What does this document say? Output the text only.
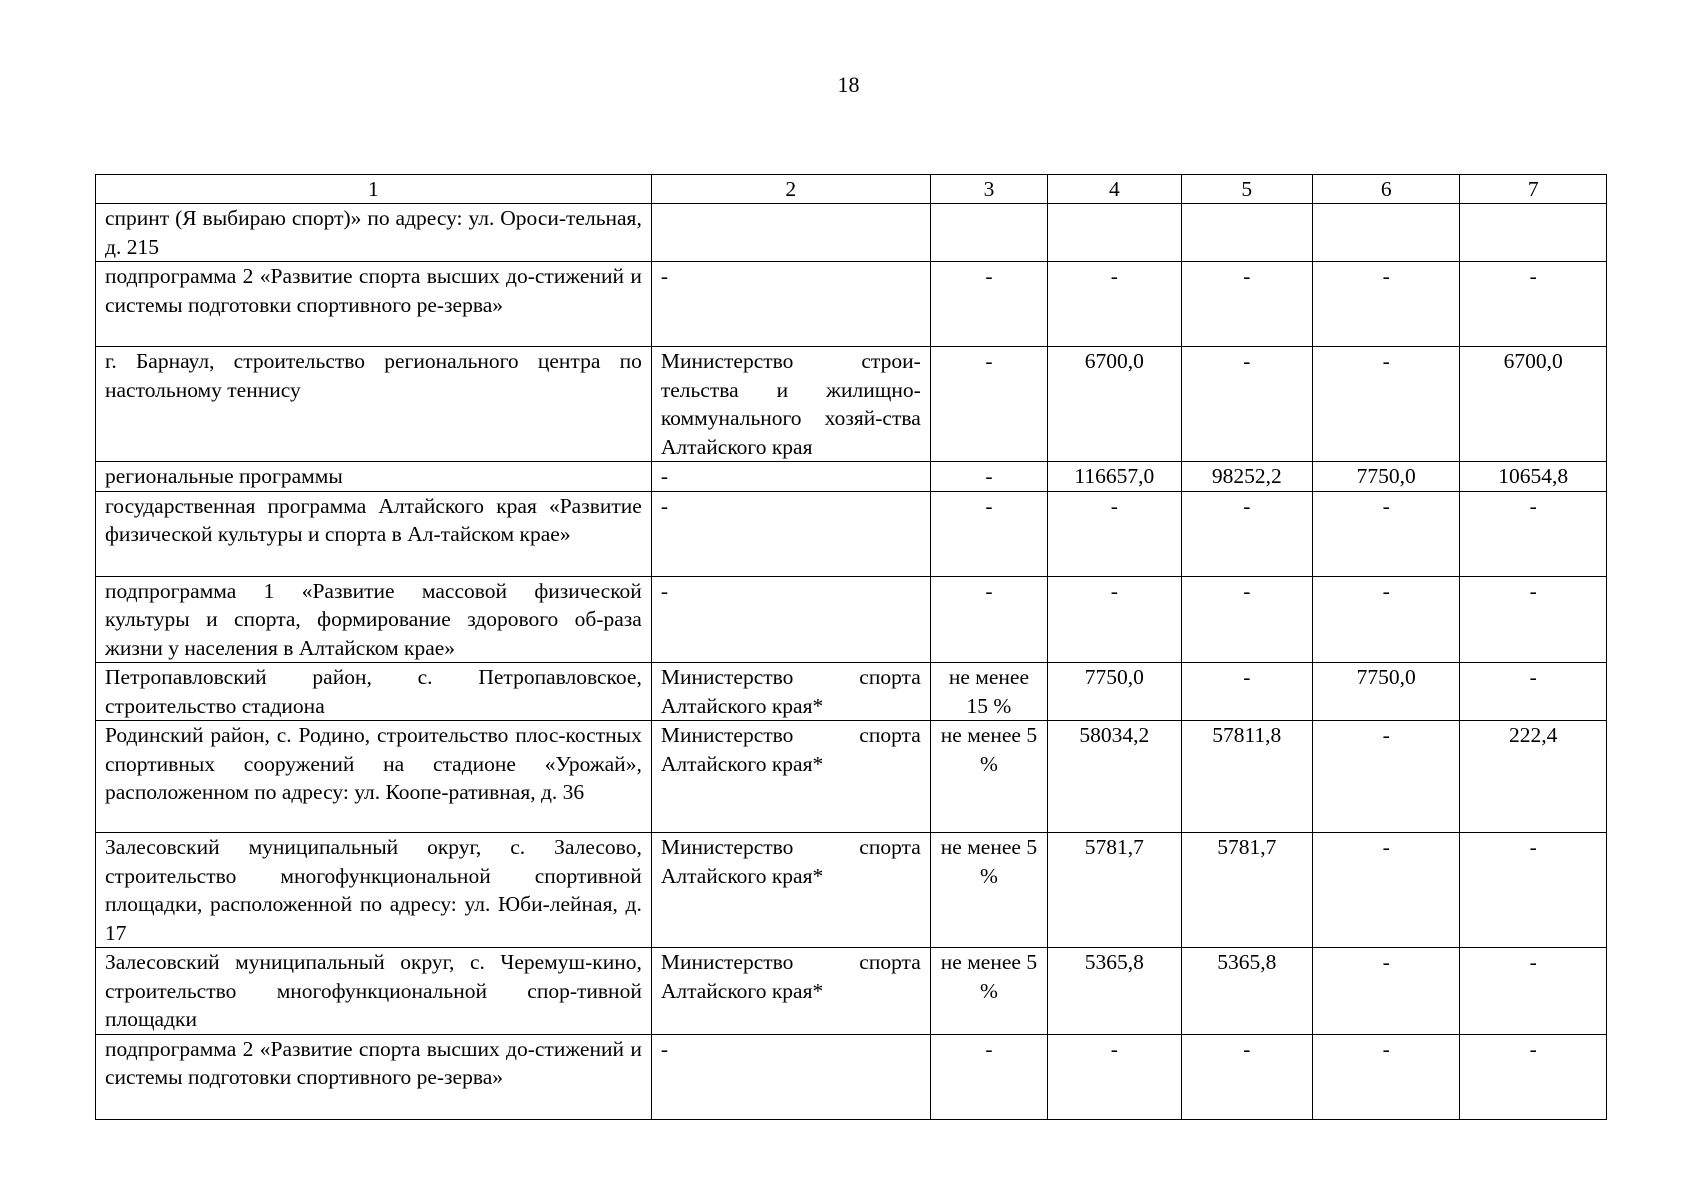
18
1	2	3	4	5	6	7
спринт (Я выбираю спорт)» по адресу: ул. Ороси-тельная, д. 215						
подпрограмма 2 «Развитие спорта высших до-стижений и системы подготовки спортивного ре-зерва»	-	-	-	-	-	-
г. Барнаул, строительство регионального центра по настольному теннису	Министерство строи-тельства и жилищно-коммунального хозяй-ства Алтайского края	-	6700,0	-	-	6700,0
региональные программы	-	-	116657,0	98252,2	7750,0	10654,8
государственная программа Алтайского края «Развитие физической культуры и спорта в Ал-тайском крае»	-	-	-	-	-	-
подпрограмма 1 «Развитие массовой физической культуры и спорта, формирование здорового об-раза жизни у населения в Алтайском крае»	-	-	-	-	-	-
Петропавловский район, с. Петропавловское, строительство стадиона	Министерство спорта Алтайского края*	не менее 15 %	7750,0	-	7750,0	-
Родинский район, с. Родино, строительство плос-костных спортивных сооружений на стадионе «Урожай», расположенном по адресу: ул. Коопе-ративная, д. 36	Министерство спорта Алтайского края*	не менее 5 %	58034,2	57811,8	-	222,4
Залесовский муниципальный округ, с. Залесово, строительство многофункциональной спортивной площадки, расположенной по адресу: ул. Юби-лейная, д. 17	Министерство спорта Алтайского края*	не менее 5 %	5781,7	5781,7	-	-
Залесовский муниципальный округ, с. Черемуш-кино, строительство многофункциональной спор-тивной площадки	Министерство спорта Алтайского края*	не менее 5 %	5365,8	5365,8	-	-
подпрограмма 2 «Развитие спорта высших до-стижений и системы подготовки спортивного ре-зерва»	-	-	-	-	-	-
